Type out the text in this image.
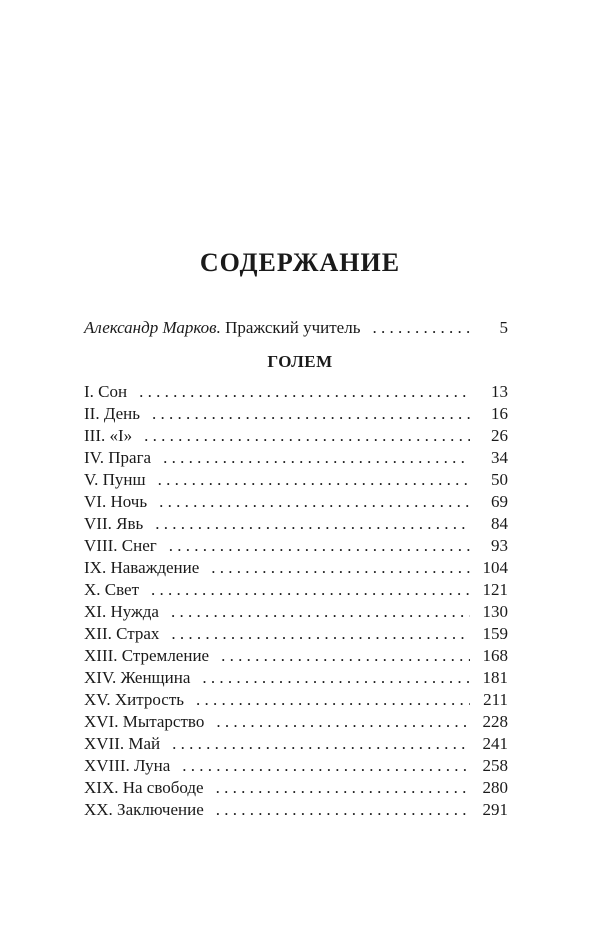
СОДЕРЖАНИЕ
Александр Марков. Пражский учитель . . .	5
ГОЛЕМ
I. Сон . . .	13
II. День . . .	16
III. «I» . . .	26
IV. Прага . . .	34
V. Пунш . . .	50
VI. Ночь . . .	69
VII. Явь . . .	84
VIII. Снег . . .	93
IX. Наваждение . . .	104
X. Свет . . .	121
XI. Нужда . . .	130
XII. Страх . . .	159
XIII. Стремление . . .	168
XIV. Женщина . . .	181
XV. Хитрость . . .	211
XVI. Мытарство . . .	228
XVII. Май . . .	241
XVIII. Луна . . .	258
XIX. На свободе . . .	280
XX. Заключение . . .	291
